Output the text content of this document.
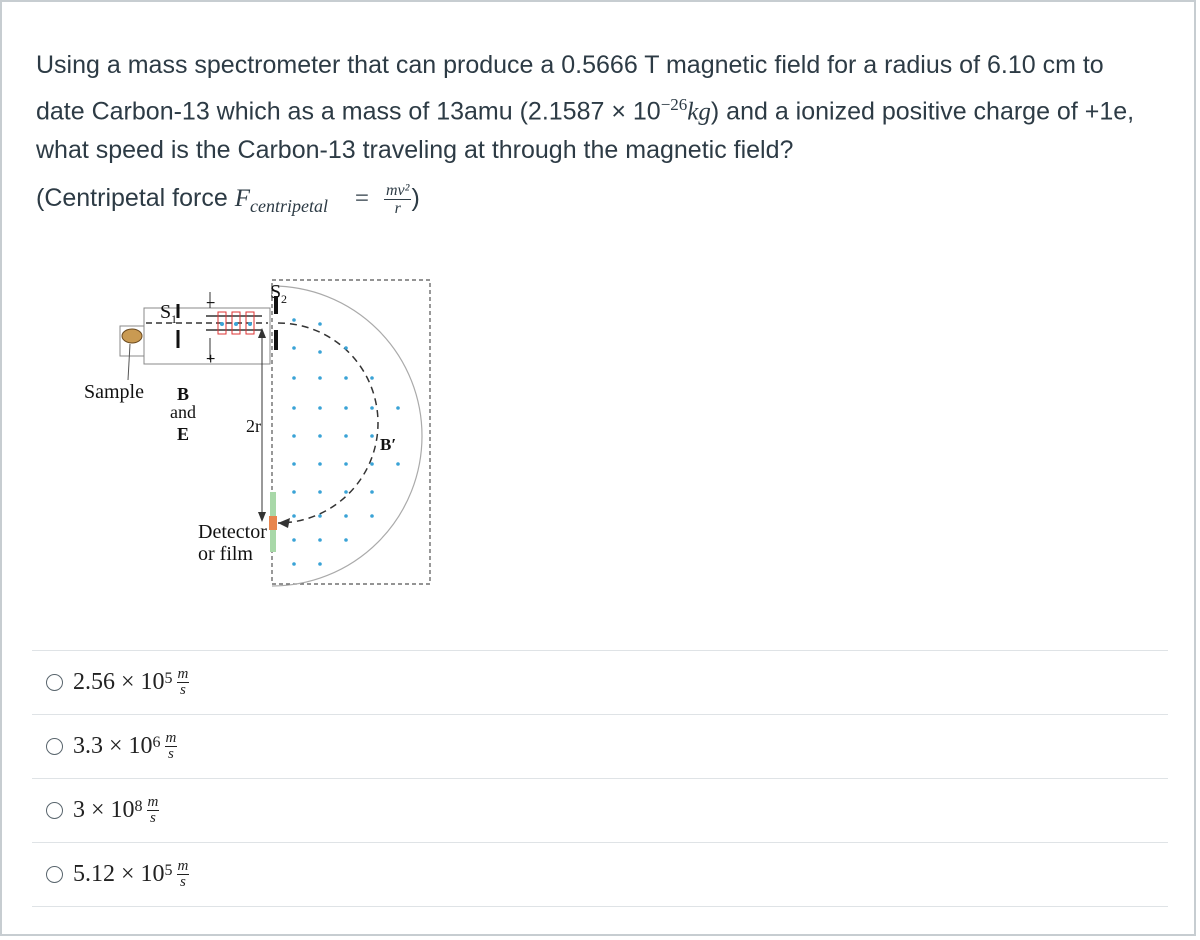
Using a mass spectrometer that can produce a 0.5666 T magnetic field for a radius of 6.10 cm to date Carbon-13 which as a mass of 13amu $(2.1587 \times 10^{-26}kg)$ and a ionized positive charge of +1e, what speed is the Carbon-13 traveling at through the magnetic field?
(Centripetal force $F_{centripetal} = \frac{\text{mv²}}{r}$ )
S 1
S 2
−
+
Sample B
and
E	2r
B′
Detector
or film
2.56
×
$10^5$ m
s
3.3
×
$10^6$ m
s
3
×
$10^8$ m
s
5.12
×
$10^5$ m
s
